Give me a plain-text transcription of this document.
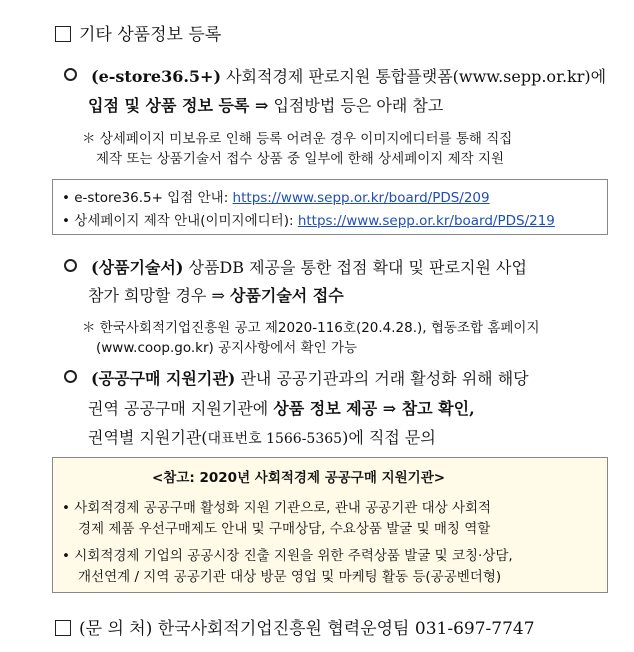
기타 상품정보 등록
(e-store36.5+) 사회적경제 판로지원 통합플랫폼(www.sepp.or.kr)에
입점 및 상품 정보 등록 ⇒ 입점방법 등은 아래 참고
＊ 상세페이지 미보유로 인해 등록 어려운 경우 이미지에디터를 통해 직집
제작 또는 상품기술서 접수 상품 중 일부에 한해 상세페이지 제작 지원
• e-store36.5+ 입점 안내: https://www.sepp.or.kr/board/PDS/209
• 상세페이지 제작 안내(이미지에디터): https://www.sepp.or.kr/board/PDS/219
(상품기술서) 상품DB 제공을 통한 접점 확대 및 판로지원 사업
참가 희망할 경우 ⇒ 상품기술서 접수
＊ 한국사회적기업진흥원 공고 제2020-116호(20.4.28.), 협동조합 홈페이지
(www.coop.go.kr) 공지사항에서 확인 가능
(공공구매 지원기관) 관내 공공기관과의 거래 활성화 위해 해당
권역 공공구매 지원기관에 상품 정보 제공 ⇒ 참고 확인,
권역별 지원기관(대표번호 1566-5365)에 직접 문의
<참고: 2020년 사회적경제 공공구매 지원기관>
• 사회적경제 공공구매 활성화 지원 기관으로, 관내 공공기관 대상 사회적
경제 제품 우선구매제도 안내 및 구매상담, 수요상품 발굴 및 매칭 역할
• 시회적경제 기업의 공공시장 진출 지원을 위한 주력상품 발굴 및 코칭·상담,
개선연계 / 지역 공공기관 대상 방문 영업 및 마케팅 활동 등(공공벤더형)
(문 의 처) 한국사회적기업진흥원 협력운영팀 031-697-7747
